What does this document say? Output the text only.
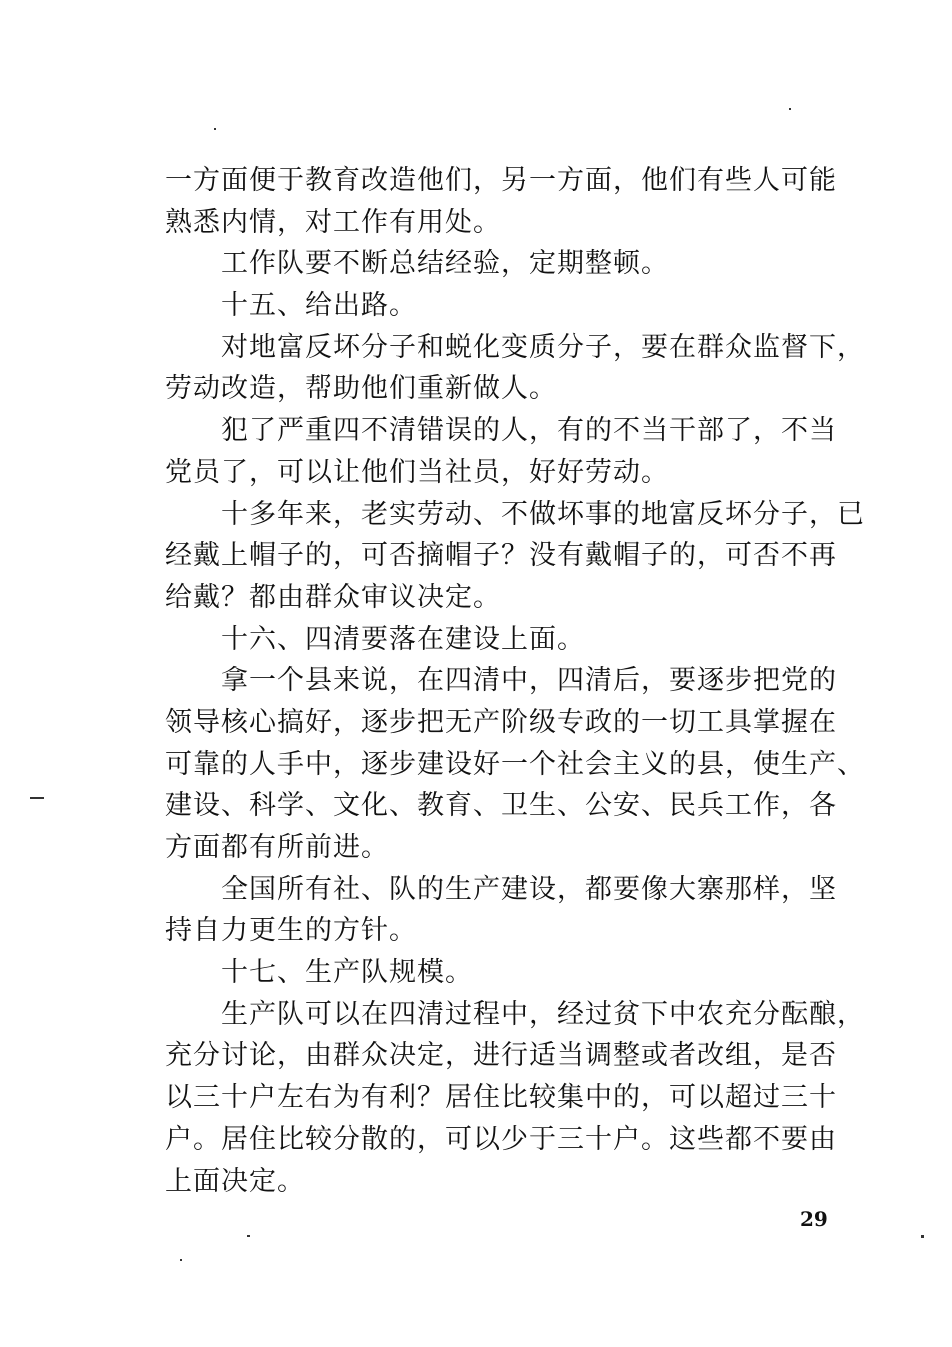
一方面便于教育改造他们，另一方面，他们有些人可能
熟悉内情，对工作有用处。
工作队要不断总结经验，定期整顿。
十五、给出路。
对地富反坏分子和蜕化变质分子，要在群众监督下，
劳动改造，帮助他们重新做人。
犯了严重四不清错误的人，有的不当干部了，不当
党员了，可以让他们当社员，好好劳动。
十多年来，老实劳动、不做坏事的地富反坏分子，已
经戴上帽子的，可否摘帽子？没有戴帽子的，可否不再
给戴？都由群众审议决定。
十六、四清要落在建设上面。
拿一个县来说，在四清中，四清后，要逐步把党的
领导核心搞好，逐步把无产阶级专政的一切工具掌握在
可靠的人手中，逐步建设好一个社会主义的县，使生产、
建设、科学、文化、教育、卫生、公安、民兵工作，各
方面都有所前进。
全国所有社、队的生产建设，都要像大寨那样，坚
持自力更生的方针。
十七、生产队规模。
生产队可以在四清过程中，经过贫下中农充分酝酿，
充分讨论，由群众决定，进行适当调整或者改组，是否
以三十户左右为有利？居住比较集中的，可以超过三十
户。居住比较分散的，可以少于三十户。这些都不要由
上面决定。
29
